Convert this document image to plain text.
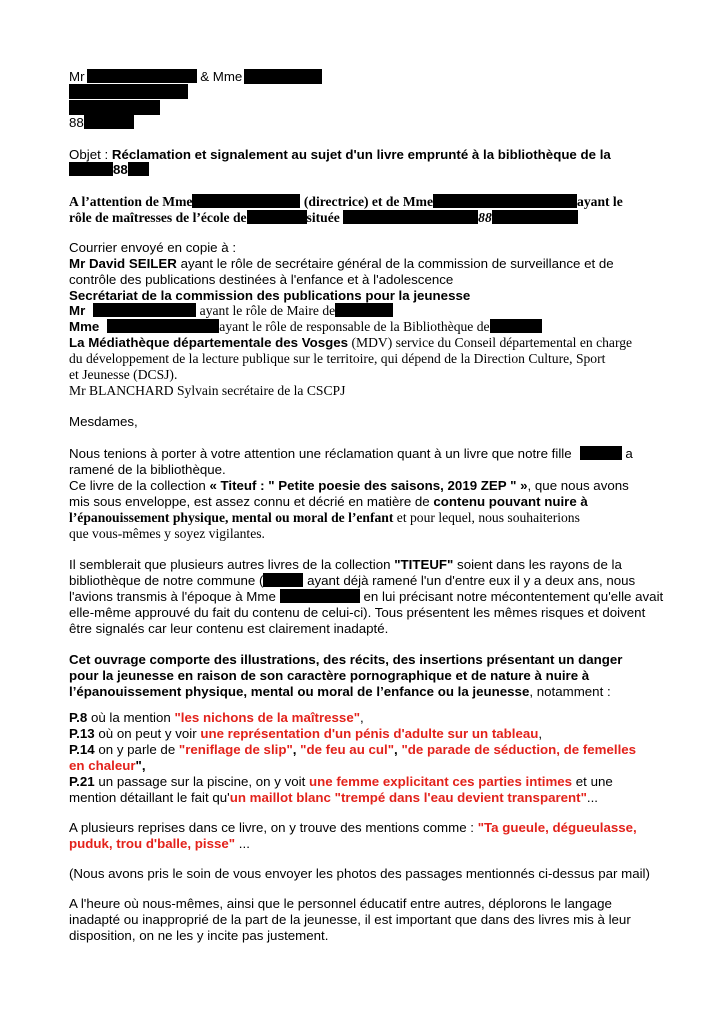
Mr	& Mme
88
Objet : Réclamation et signalement au sujet d'un livre emprunté à la bibliothèque de la
88
A l’attention de Mme	(directrice) et de Mme	ayant le
rôle de maîtresses de l’école de	située	88
Courrier envoyé en copie à :
Mr David SEILER ayant le rôle de secrétaire général de la commission de surveillance et de
contrôle des publications destinées à l'enfance et à l'adolescence
Secrétariat de la commission des publications pour la jeunesse
Mr	ayant le rôle de Maire de
Mme	ayant le rôle de responsable de la Bibliothèque de
La Médiathèque départementale des Vosges (MDV) service du Conseil départemental en charge
du développement de la lecture publique sur le territoire, qui dépend de la Direction Culture, Sport
et Jeunesse (DCSJ).
Mr BLANCHARD Sylvain secrétaire de la CSCPJ
Mesdames,
Nous tenions à porter à votre attention une réclamation quant à un livre que notre fille	a
ramené de la bibliothèque.
Ce livre de la collection « Titeuf : " Petite poesie des saisons, 2019 ZEP " », que nous avons
mis sous enveloppe, est assez connu et décrié en matière de contenu pouvant nuire à
l’épanouissement physique, mental ou moral de l’enfant et pour lequel, nous souhaiterions
que vous-mêmes y soyez vigilantes.
Il semblerait que plusieurs autres livres de la collection "TITEUF" soient dans les rayons de la
bibliothèque de notre commune (	ayant déjà ramené l'un d'entre eux il y a deux ans, nous
l'avions transmis à l'époque à Mme	en lui précisant notre mécontentement qu'elle avait
elle-même approuvé du fait du contenu de celui-ci). Tous présentent les mêmes risques et doivent
être signalés car leur contenu est clairement inadapté.
Cet ouvrage comporte des illustrations, des récits, des insertions présentant un danger
pour la jeunesse en raison de son caractère pornographique et de nature à nuire à
l’épanouissement physique, mental ou moral de l’enfance ou la jeunesse, notamment :
P.8 où la mention "les nichons de la maîtresse",
P.13 où on peut y voir une représentation d'un pénis d'adulte sur un tableau,
P.14 on y parle de "reniflage de slip", "de feu au cul", "de parade de séduction, de femelles
en chaleur",
P.21 un passage sur la piscine, on y voit une femme explicitant ces parties intimes et une
mention détaillant le fait qu'un maillot blanc "trempé dans l'eau devient transparent"...
A plusieurs reprises dans ce livre, on y trouve des mentions comme : "Ta gueule, dégueulasse,
puduk, trou d'balle, pisse" ...
(Nous avons pris le soin de vous envoyer les photos des passages mentionnés ci-dessus par mail)
A l'heure où nous-mêmes, ainsi que le personnel éducatif entre autres, déplorons le langage
inadapté ou inapproprié de la part de la jeunesse, il est important que dans des livres mis à leur
disposition, on ne les y incite pas justement.
